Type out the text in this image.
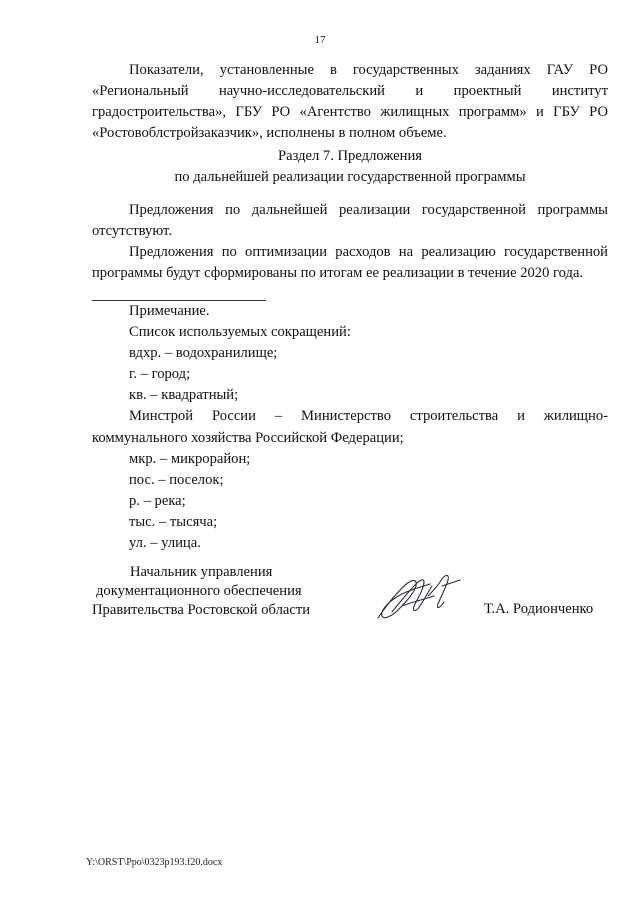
17

Показатели, установленные в государственных заданиях ГАУ РО «Региональный научно-исследовательский и проектный институт градостроительства», ГБУ РО «Агентство жилищных программ» и ГБУ РО «Ростовоблстройзаказчик», исполнены в полном объеме.

Раздел 7. Предложения
по дальнейшей реализации государственной программы

Предложения по дальнейшей реализации государственной программы отсутствуют.

Предложения по оптимизации расходов на реализацию государственной программы будут сформированы по итогам ее реализации в течение 2020 года.

Примечание.

Список используемых сокращений:

вдхр. – водохранилище;

г. – город;

кв. – квадратный;

Минстрой России – Министерство строительства и жилищно-коммунального хозяйства Российской Федерации;

мкр. – микрорайон;

пос. – поселок;

р. – река;

тыс. – тысяча;

ул. – улица.

Начальник управления
документационного обеспечения
Правительства Ростовской области	Т.А. Родионченко
Y:\ORST\Ppo\0323p193.f20.docx
